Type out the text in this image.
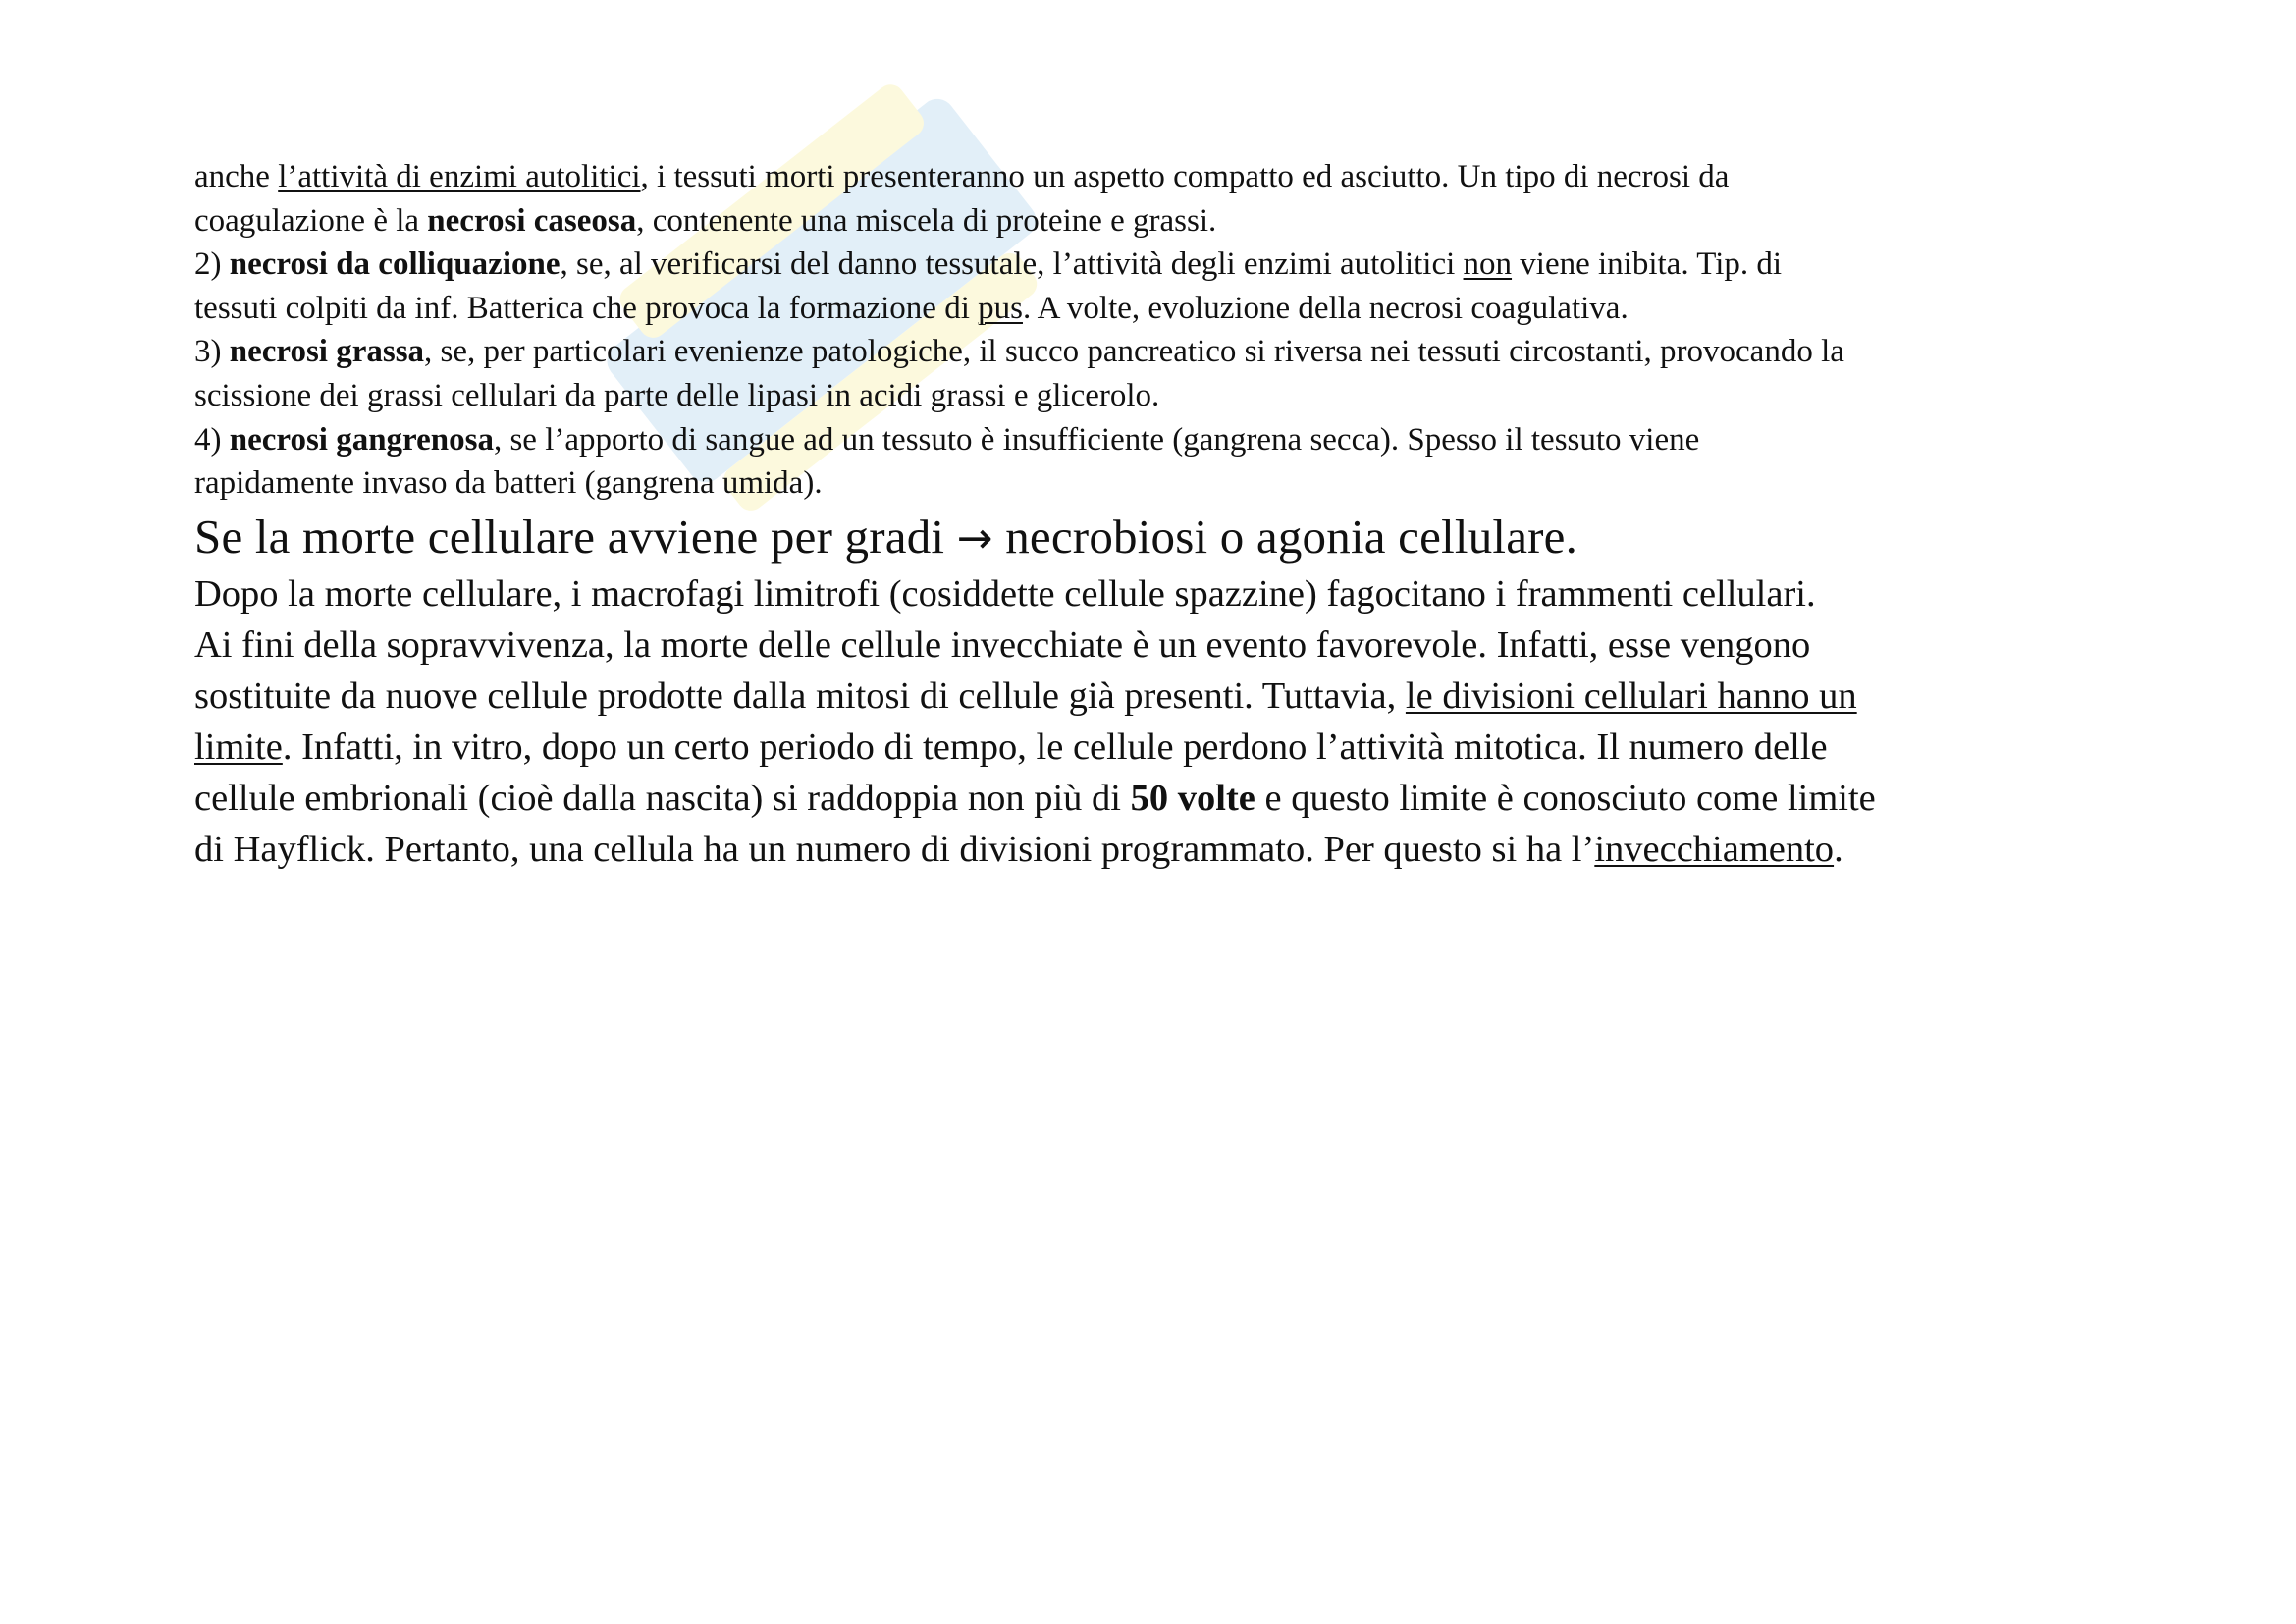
anche l’attività di enzimi autolitici, i tessuti morti presenteranno un aspetto compatto ed asciutto. Un tipo di necrosi da

coagulazione è la necrosi caseosa, contenente una miscela di proteine e grassi.

2) necrosi da colliquazione, se, al verificarsi del danno tessutale, l’attività degli enzimi autolitici non viene inibita. Tip. di

tessuti colpiti da inf. Batterica che provoca la formazione di pus. A volte, evoluzione della necrosi coagulativa.

3) necrosi grassa, se, per particolari evenienze patologiche, il succo pancreatico si riversa nei tessuti circostanti, provocando la

scissione dei grassi cellulari da parte delle lipasi in acidi grassi e glicerolo.

4) necrosi gangrenosa, se l’apporto di sangue ad un tessuto è insufficiente (gangrena secca). Spesso il tessuto viene

rapidamente invaso da batteri (gangrena umida).

Se la morte cellulare avviene per gradi → necrobiosi o agonia cellulare.

Dopo la morte cellulare, i macrofagi limitrofi (cosiddette cellule spazzine) fagocitano i frammenti cellulari.

Ai fini della sopravvivenza, la morte delle cellule invecchiate è un evento favorevole. Infatti, esse vengono

sostituite da nuove cellule prodotte dalla mitosi di cellule già presenti. Tuttavia, le divisioni cellulari hanno un

limite. Infatti, in vitro, dopo un certo periodo di tempo, le cellule perdono l’attività mitotica. Il numero delle

cellule embrionali (cioè dalla nascita) si raddoppia non più di 50 volte e questo limite è conosciuto come limite

di Hayflick. Pertanto, una cellula ha un numero di divisioni programmato. Per questo si ha l’invecchiamento.
